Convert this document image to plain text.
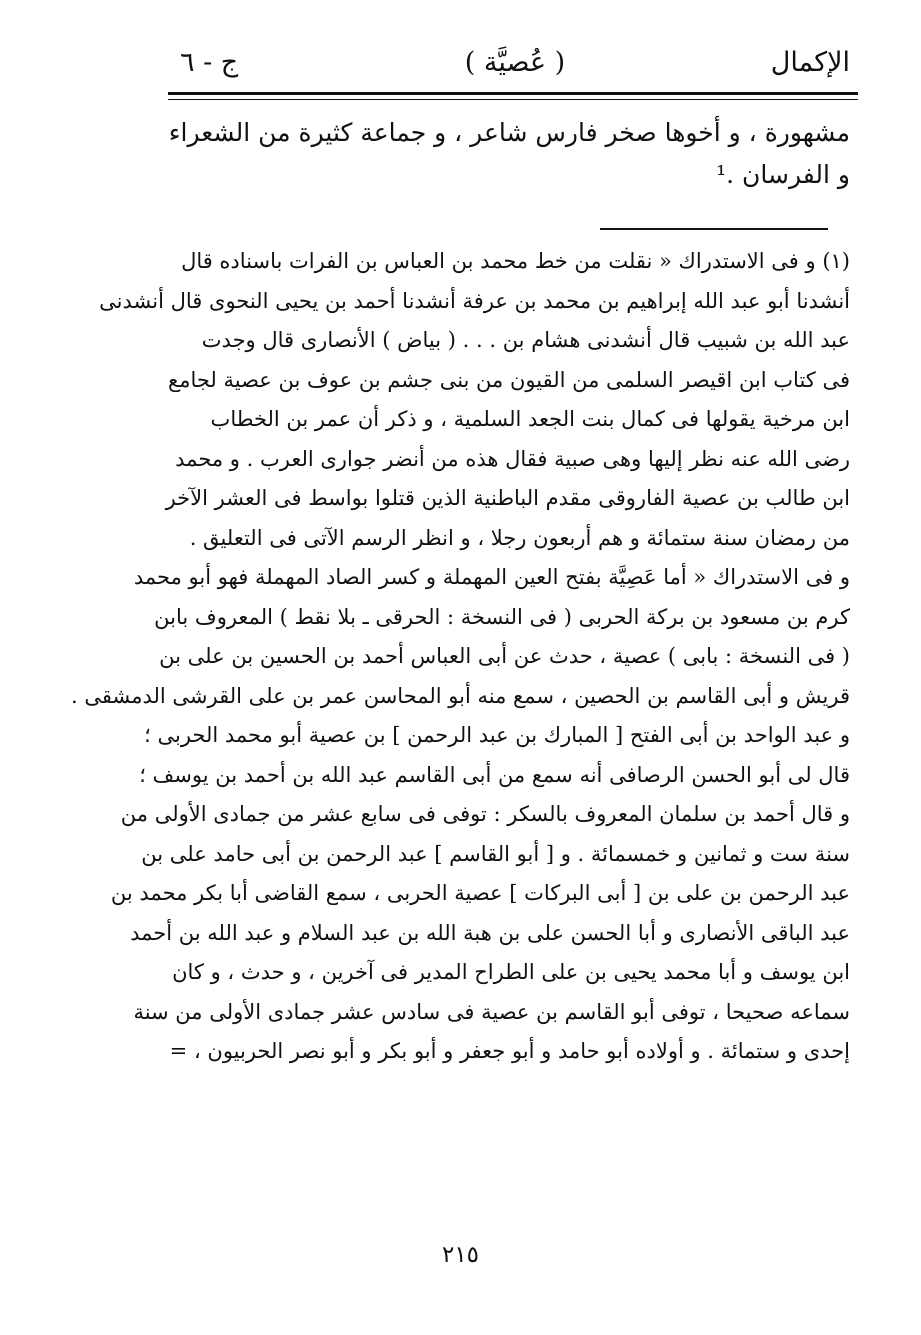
الإكمال
( عُصيَّة )
ج - ٦
مشهورة ، و أخوها صخر فارس شاعر ، و جماعة كثيرة من الشعراء
و الفرسان .¹
(١) و فى الاستدراك « نقلت من خط محمد بن العباس بن الفرات باسناده قال
أنشدنا أبو عبد الله إبراهيم بن محمد بن عرفة أنشدنا أحمد بن يحيى النحوى قال أنشدنى
عبد الله بن شبيب قال أنشدنى هشام بن . . . ( بياض ) الأنصارى قال وجدت
فى كتاب ابن اقيصر السلمى من القيون من بنى جشم بن عوف بن عصية لجامع
ابن مرخية يقولها فى كمال بنت الجعد السلمية ، و ذكر أن عمر بن الخطاب
رضى الله عنه نظر إليها وهى صبية فقال هذه من أنضر جوارى العرب . و محمد
ابن طالب بن عصية الفاروقى مقدم الباطنية الذين قتلوا بواسط فى العشر الآخر
من رمضان سنة ستمائة و هم أربعون رجلا ، و انظر الرسم الآتى فى التعليق .
و فى الاستدراك « أما عَصِيَّة بفتح العين المهملة و كسر الصاد المهملة فهو أبو محمد
كرم بن مسعود بن بركة الحربى ( فى النسخة : الحرقى ـ بلا نقط ) المعروف بابن
( فى النسخة : بابى ) عصية ، حدث عن أبى العباس أحمد بن الحسين بن على بن
قريش و أبى القاسم بن الحصين ، سمع منه أبو المحاسن عمر بن على القرشى الدمشقى .
و عبد الواحد بن أبى الفتح [ المبارك بن عبد الرحمن ] بن عصية أبو محمد الحربى ؛
قال لى أبو الحسن الرصافى أنه سمع من أبى القاسم عبد الله بن أحمد بن يوسف ؛
و قال أحمد بن سلمان المعروف بالسكر : توفى فى سابع عشر من جمادى الأولى من
سنة ست و ثمانين و خمسمائة . و [ أبو القاسم ] عبد الرحمن بن أبى حامد على بن
عبد الرحمن بن على بن [ أبى البركات ] عصية الحربى ، سمع القاضى أبا بكر محمد بن
عبد الباقى الأنصارى و أبا الحسن على بن هبة الله بن عبد السلام و عبد الله بن أحمد
ابن يوسف و أبا محمد يحيى بن على الطراح المدير فى آخرين ، و حدث ، و كان
سماعه صحيحا ، توفى أبو القاسم بن عصية فى سادس عشر جمادى الأولى من سنة
إحدى و ستمائة . و أولاده أبو حامد و أبو جعفر و أبو بكر و أبو نصر الحربيون ، =
٢١٥
